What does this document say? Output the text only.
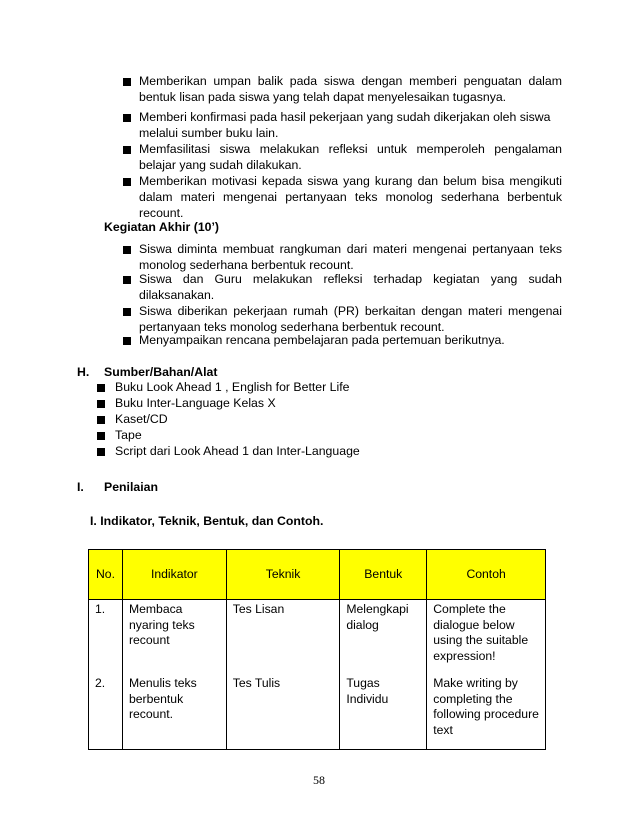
Memberikan umpan balik pada siswa dengan memberi penguatan dalam
bentuk lisan pada siswa yang telah dapat menyelesaikan tugasnya.
Memberi konfirmasi pada hasil pekerjaan yang sudah dikerjakan oleh siswa
melalui sumber buku lain.
Memfasilitasi siswa melakukan refleksi untuk memperoleh pengalaman
belajar yang sudah dilakukan.
Memberikan motivasi kepada siswa yang kurang dan belum bisa mengikuti
dalam materi mengenai pertanyaan teks monolog sederhana berbentuk
recount.
Kegiatan Akhir (10’)
Siswa diminta membuat rangkuman dari materi mengenai pertanyaan teks
monolog sederhana berbentuk recount.
Siswa dan Guru melakukan refleksi terhadap kegiatan yang sudah
dilaksanakan.
Siswa diberikan pekerjaan rumah (PR) berkaitan dengan materi mengenai
pertanyaan teks monolog sederhana berbentuk recount.
Menyampaikan rencana pembelajaran pada pertemuan berikutnya.
H. Sumber/Bahan/Alat
Buku Look Ahead 1 , English for Better Life
Buku Inter-Language Kelas X
Kaset/CD
Tape
Script dari Look Ahead 1 dan Inter-Language
I. Penilaian
I. Indikator, Teknik, Bentuk, dan Contoh.
No.	Indikator	Teknik	Bentuk	Contoh
1.	Membaca nyaring teks recount	Tes Lisan	Melengkapi dialog	Complete the dialogue below using the suitable expression!
2.	Menulis teks berbentuk recount.	Tes Tulis	Tugas Individu	Make writing by completing the following procedure text
58
